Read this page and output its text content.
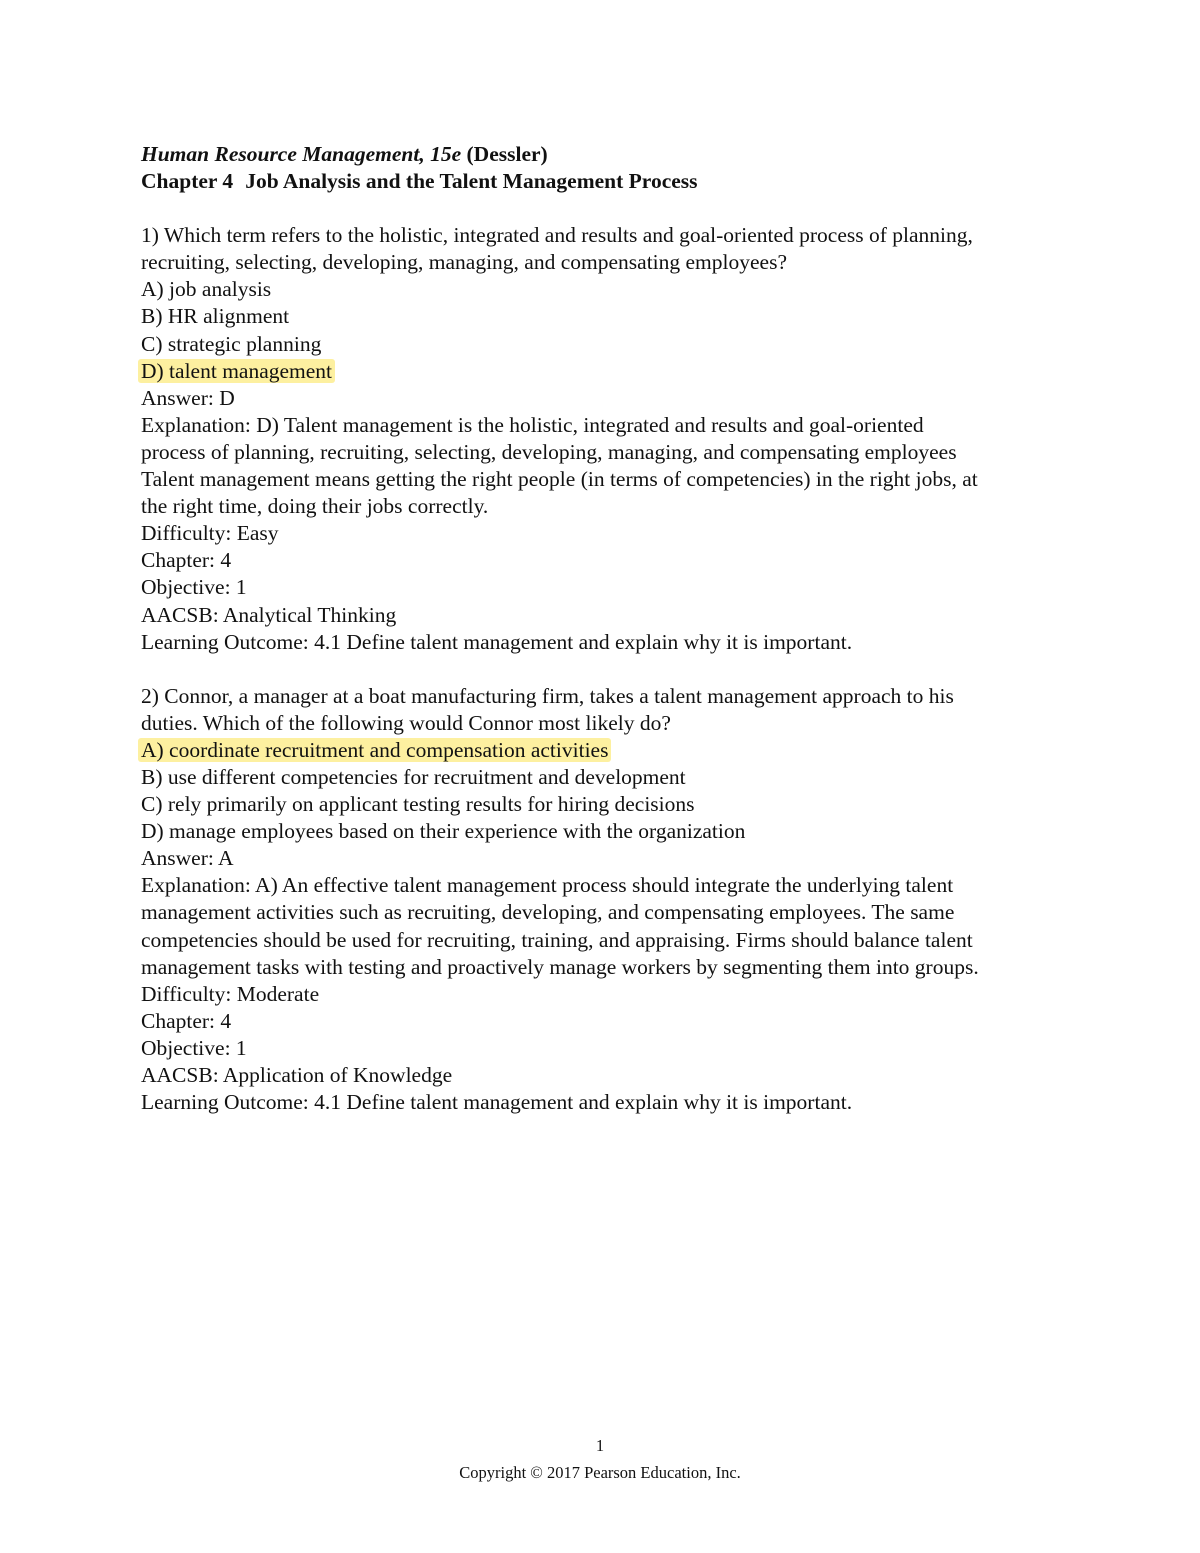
Human Resource Management, 15e (Dessler)
Chapter 4 Job Analysis and the Talent Management Process
1) Which term refers to the holistic, integrated and results and goal-oriented process of planning,
recruiting, selecting, developing, managing, and compensating employees?
A) job analysis
B) HR alignment
C) strategic planning
D) talent management
Answer: D
Explanation: D) Talent management is the holistic, integrated and results and goal-oriented
process of planning, recruiting, selecting, developing, managing, and compensating employees
Talent management means getting the right people (in terms of competencies) in the right jobs, at
the right time, doing their jobs correctly.
Difficulty: Easy
Chapter: 4
Objective: 1
AACSB: Analytical Thinking
Learning Outcome: 4.1 Define talent management and explain why it is important.
2) Connor, a manager at a boat manufacturing firm, takes a talent management approach to his
duties. Which of the following would Connor most likely do?
A) coordinate recruitment and compensation activities
B) use different competencies for recruitment and development
C) rely primarily on applicant testing results for hiring decisions
D) manage employees based on their experience with the organization
Answer: A
Explanation: A) An effective talent management process should integrate the underlying talent
management activities such as recruiting, developing, and compensating employees. The same
competencies should be used for recruiting, training, and appraising. Firms should balance talent
management tasks with testing and proactively manage workers by segmenting them into groups.
Difficulty: Moderate
Chapter: 4
Objective: 1
AACSB: Application of Knowledge
Learning Outcome: 4.1 Define talent management and explain why it is important.
1
Copyright © 2017 Pearson Education, Inc.
